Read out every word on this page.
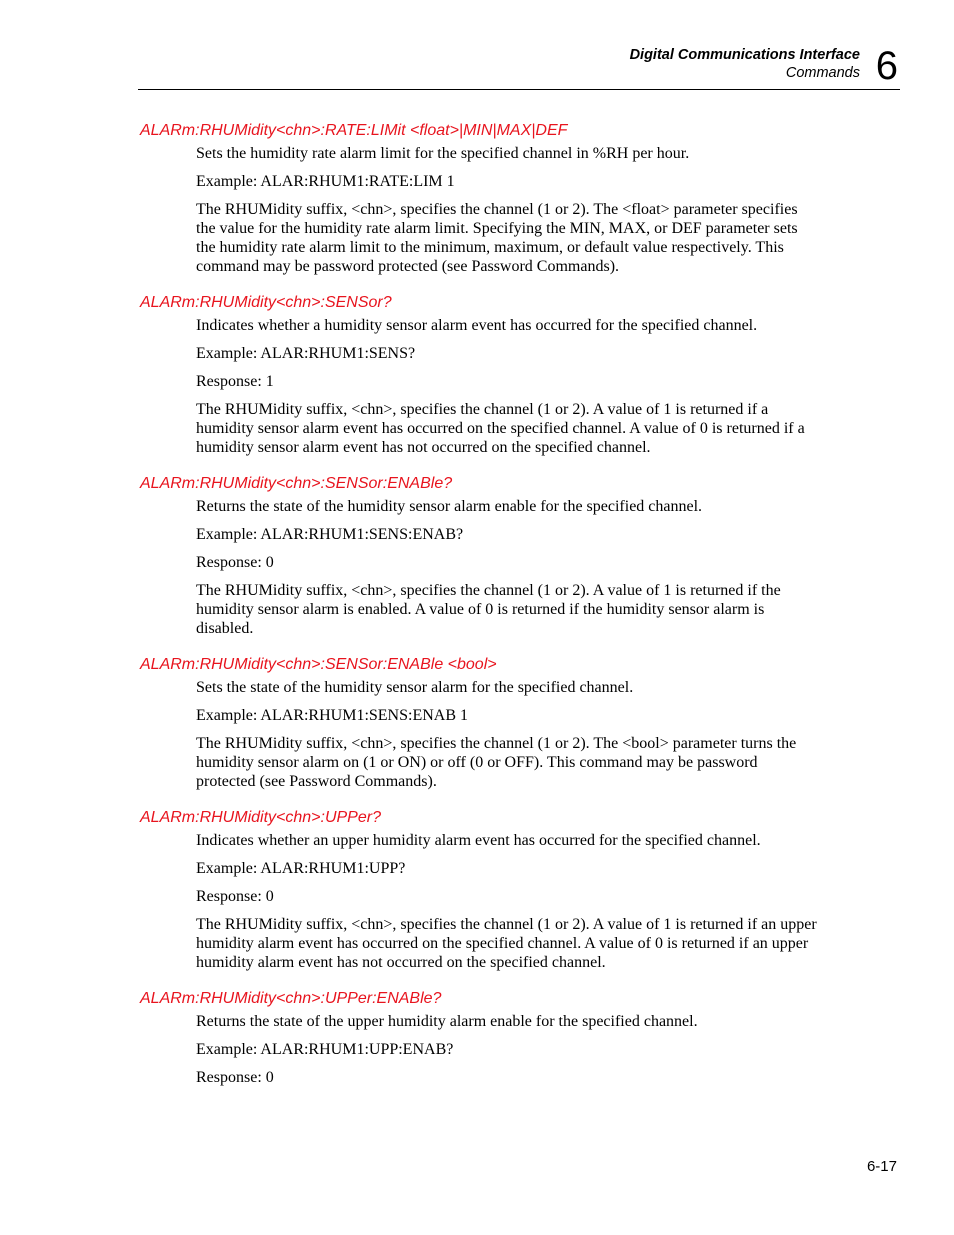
Digital Communications Interface
Commands 6
ALARm:RHUMidity<chn>:RATE:LIMit <float>|MIN|MAX|DEF

Sets the humidity rate alarm limit for the specified channel in %RH per hour.

Example: ALAR:RHUM1:RATE:LIM 1

The RHUMidity suffix, <chn>, specifies the channel (1 or 2). The <float> parameter specifies the value for the humidity rate alarm limit. Specifying the MIN, MAX, or DEF parameter sets the humidity rate alarm limit to the minimum, maximum, or default value respectively. This command may be password protected (see Password Commands).

ALARm:RHUMidity<chn>:SENSor?

Indicates whether a humidity sensor alarm event has occurred for the specified channel.

Example: ALAR:RHUM1:SENS?

Response: 1

The RHUMidity suffix, <chn>, specifies the channel (1 or 2). A value of 1 is returned if a humidity sensor alarm event has occurred on the specified channel. A value of 0 is returned if a humidity sensor alarm event has not occurred on the specified channel.

ALARm:RHUMidity<chn>:SENSor:ENABle?

Returns the state of the humidity sensor alarm enable for the specified channel.

Example: ALAR:RHUM1:SENS:ENAB?

Response: 0

The RHUMidity suffix, <chn>, specifies the channel (1 or 2). A value of 1 is returned if the humidity sensor alarm is enabled. A value of 0 is returned if the humidity sensor alarm is disabled.

ALARm:RHUMidity<chn>:SENSor:ENABle <bool>

Sets the state of the humidity sensor alarm for the specified channel.

Example: ALAR:RHUM1:SENS:ENAB 1

The RHUMidity suffix, <chn>, specifies the channel (1 or 2). The <bool> parameter turns the humidity sensor alarm on (1 or ON) or off (0 or OFF). This command may be password protected (see Password Commands).

ALARm:RHUMidity<chn>:UPPer?

Indicates whether an upper humidity alarm event has occurred for the specified channel.

Example: ALAR:RHUM1:UPP?

Response: 0

The RHUMidity suffix, <chn>, specifies the channel (1 or 2). A value of 1 is returned if an upper humidity alarm event has occurred on the specified channel. A value of 0 is returned if an upper humidity alarm event has not occurred on the specified channel.

ALARm:RHUMidity<chn>:UPPer:ENABle?

Returns the state of the upper humidity alarm enable for the specified channel.

Example: ALAR:RHUM1:UPP:ENAB?

Response: 0

6-17
